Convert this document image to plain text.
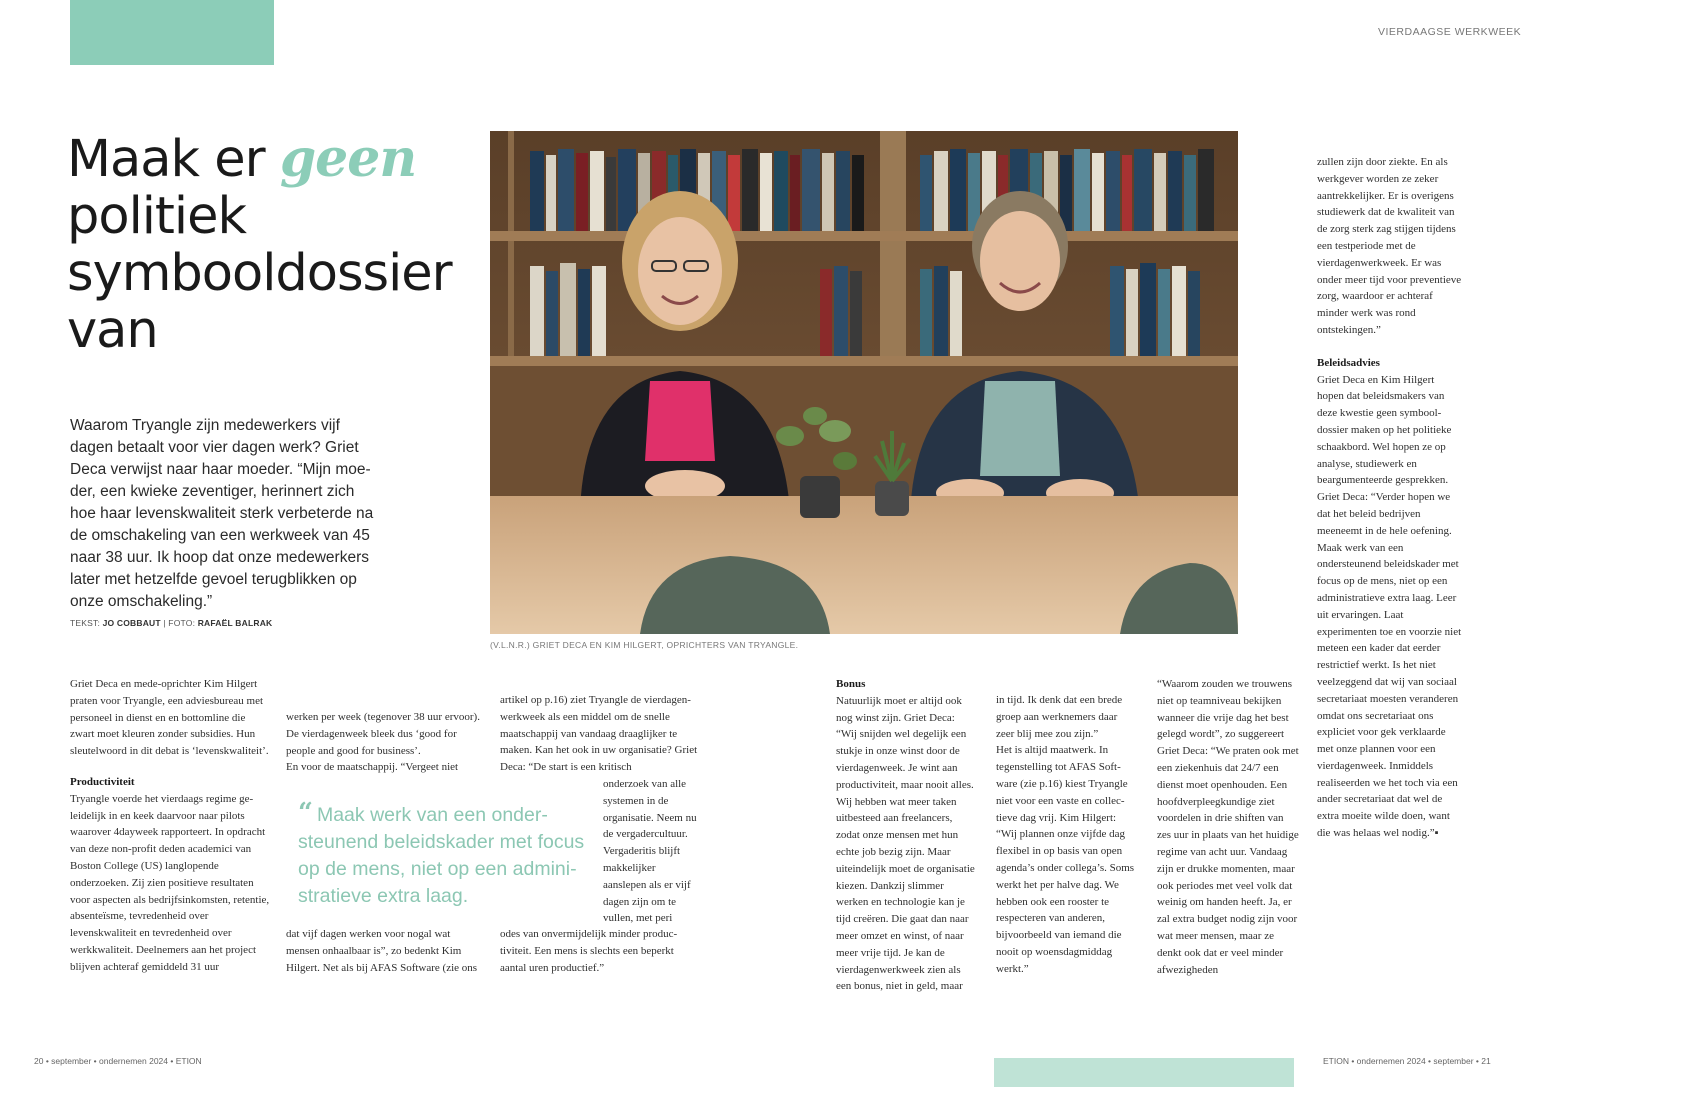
VIERDAAGSE WERKWEEK
Maak er geen
politiek symbooldossier van
Waarom Tryangle zijn medewerkers vijf dagen betaalt voor vier dagen werk? Griet Deca verwijst naar haar moeder. “Mijn moeder, een kwieke zeventiger, herinnert zich hoe haar levenskwaliteit sterk verbeterde na de omschakeling van een werkweek van 45 naar 38 uur. Ik hoop dat onze medewerkers later met hetzelfde gevoel terugblikken op onze omschakeling.”
TEKST: JO COBBAUT | FOTO: RAFAËL BALRAK
(V.L.N.R.) GRIET DECA EN KIM HILGERT, OPRICHTERS VAN TRYANGLE.

Griet Deca en mede-oprichter Kim Hilgert praten voor Tryangle, een adviesbureau met personeel in dienst en en bottomline die zwart moet kleuren zonder subsidies. Hun sleutelwoord in dit debat is ‘levenskwaliteit’.

Productiviteit

Tryangle voerde het vierdaags regime geleidelijk in en keek daarvoor naar pilots waarover 4dayweek rapporteert. In opdracht van deze non-profit deden academici van Boston College (US) langlopende onderzoeken. Zij zien positieve resultaten voor aspecten als bedrijfsinkomsten, retentie, absenteïsme, tevredenheid over levenskwaliteit en tevredenheid over werkkwaliteit. Deelnemers aan het project blijven achteraf gemiddeld 31 uur

werken per week (tegenover 38 uur ervoor). De vierdagenweek bleek dus ‘good for people and good for business’.

En voor de maatschappij. “Vergeet niet

dat vijf dagen werken voor nogal wat mensen onhaalbaar is”, zo bedenkt Kim Hilgert. Net als bij AFAS Software (zie ons

artikel op p.16) ziet Tryangle de vierdagenwerkweek als een middel om de snelle maatschappij van vandaag draaglijker te maken. Kan het ook in uw organisatie? Griet Deca: “De start is een kritisch

onderzoek van alle systemen in de organisatie. Neem nu de vergadercultuur. Vergaderitis blijft makkelijker aanslepen als er vijf dagen zijn om te vullen, met peri

odes van onvermijdelijk minder productiviteit. Een mens is slechts een beperkt aantal uren productief.”

“ Maak werk van een ondersteunend beleidskader met focus op de mens, niet op een administratieve extra laag.
Bonus

Natuurlijk moet er altijd ook nog winst zijn. Griet Deca: “Wij snijden wel degelijk een stukje in onze winst door de vierdagenweek. Je wint aan productiviteit, maar nooit alles. Wij hebben wat meer taken uitbesteed aan freelancers, zodat onze mensen met hun echte job bezig zijn. Maar uiteindelijk moet de organisatie kiezen. Dankzij slimmer werken en technologie kan je tijd creëren. Die gaat dan naar meer omzet en winst, of naar meer vrije tijd. Je kan de vierdagenwerkweek zien als een bonus, niet in geld, maar

in tijd. Ik denk dat een brede groep aan werknemers daar zeer blij mee zou zijn.”

Het is altijd maatwerk. In tegenstelling tot AFAS Software (zie p.16) kiest Tryangle niet voor een vaste en collectieve dag vrij. Kim Hilgert: “Wij plannen onze vijfde dag flexibel in op basis van open agenda’s onder collega’s. Soms werkt het per halve dag. We hebben ook een rooster te respecteren van anderen, bijvoorbeeld van iemand die nooit op woensdagmiddag werkt.”

“Waarom zouden we trouwens niet op teamniveau bekijken wanneer die vrije dag het best gelegd wordt”, zo suggereert Griet Deca: “We praten ook met een ziekenhuis dat 24/7 een dienst moet openhouden. Een hoofdverpleegkundige ziet voordelen in drie shiften van zes uur in plaats van het huidige regime van acht uur. Vandaag zijn er drukke momenten, maar ook periodes met veel volk dat weinig om handen heeft. Ja, er zal extra budget nodig zijn voor wat meer mensen, maar ze denkt ook dat er veel minder afwezigheden

zullen zijn door ziekte. En als werkgever worden ze zeker aantrekkelijker. Er is overigens studiewerk dat de kwaliteit van de zorg sterk zag stijgen tijdens een testperiode met de vierdagenwerkweek. Er was onder meer tijd voor preventieve zorg, waardoor er achteraf minder werk was rond ontstekingen.”

Beleidsadvies

Griet Deca en Kim Hilgert hopen dat beleidsmakers van deze kwestie geen symbooldossier maken op het politieke schaakbord. Wel hopen ze op analyse, studiewerk en beargumenteerde gesprekken. Griet Deca: “Verder hopen we dat het beleid bedrijven meeneemt in de hele oefening. Maak werk van een ondersteunend beleidskader met focus op de mens, niet op een administratieve extra laag. Leer uit ervaringen. Laat experimenten toe en voorzie niet meteen een kader dat eerder restrictief werkt. Is het niet veelzeggend dat wij van sociaal secretariaat moesten veranderen omdat ons secretariaat ons expliciet voor gek verklaarde met onze plannen voor een vierdagenweek. Inmiddels realiseerden we het toch via een ander secretariaat dat wel de extra moeite wilde doen, want die was helaas wel nodig.”▪

20 • september • ondernemen 2024 • ETION	ETION • ondernemen 2024 • september • 21
